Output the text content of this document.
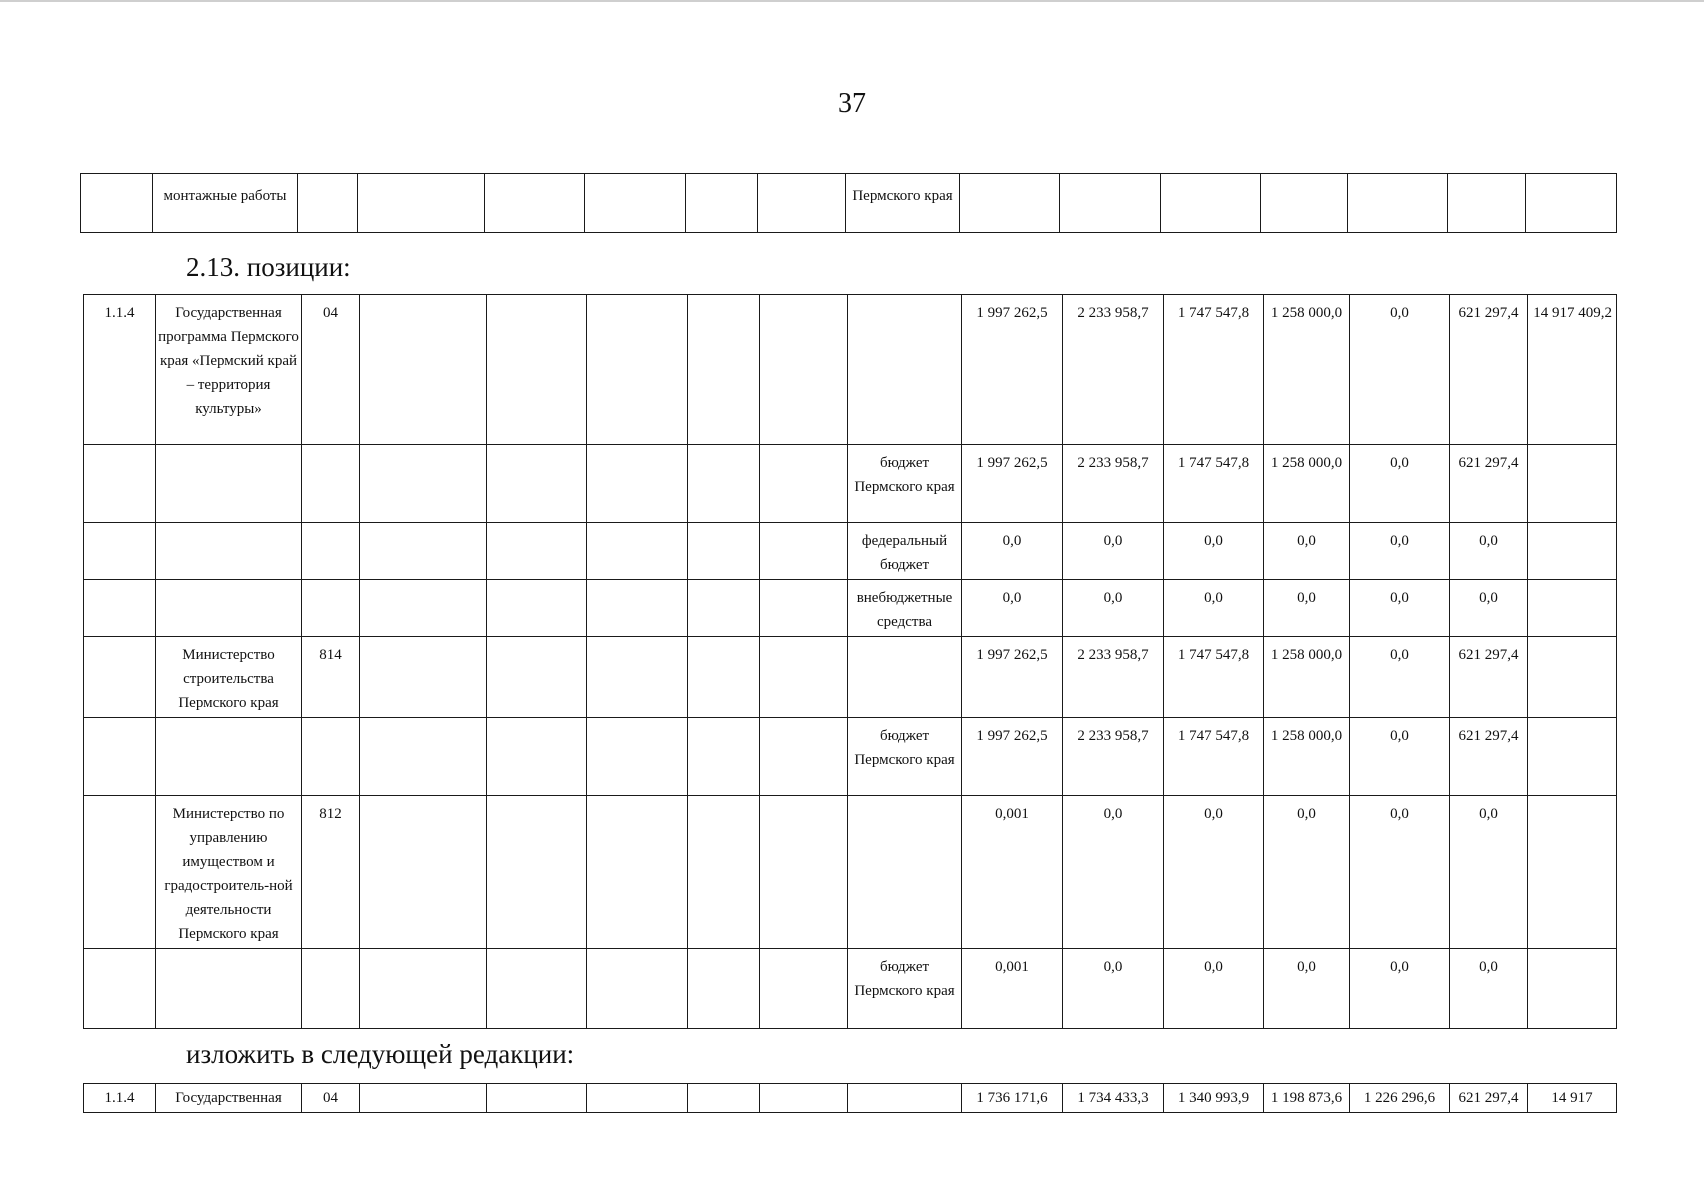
37
	монтажные работы							Пермского края							
2.13. позиции:
1.1.4	Государственная программа Пермского края «Пермский край – территория культуры»	04							1 997 262,5	2 233 958,7	1 747 547,8	1 258 000,0	0,0	621 297,4	14 917 409,2
								бюджет Пермского края	1 997 262,5	2 233 958,7	1 747 547,8	1 258 000,0	0,0	621 297,4	
								федеральный бюджет	0,0	0,0	0,0	0,0	0,0	0,0	
								внебюджетные средства	0,0	0,0	0,0	0,0	0,0	0,0	
	Министерство строительства Пермского края	814							1 997 262,5	2 233 958,7	1 747 547,8	1 258 000,0	0,0	621 297,4	
								бюджет Пермского края	1 997 262,5	2 233 958,7	1 747 547,8	1 258 000,0	0,0	621 297,4	
	Министерство по управлению имуществом и градостроитель-ной деятельности Пермского края	812							0,001	0,0	0,0	0,0	0,0	0,0	
								бюджет Пермского края	0,001	0,0	0,0	0,0	0,0	0,0	
изложить в следующей редакции:
1.1.4	Государственная	04							1 736 171,6	1 734 433,3	1 340 993,9	1 198 873,6	1 226 296,6	621 297,4	14 917
